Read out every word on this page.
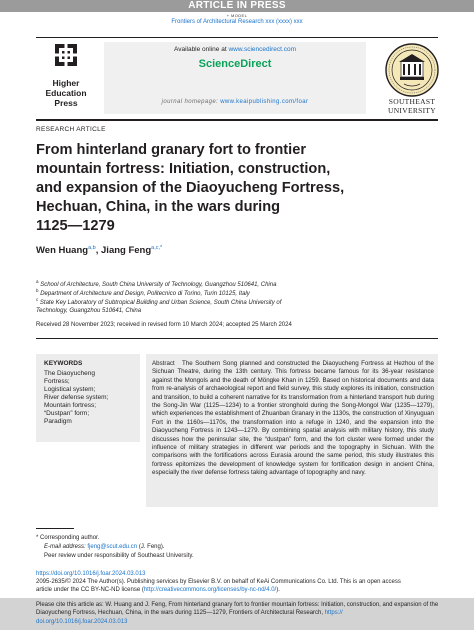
ARTICLE IN PRESS
+ MODEL
Frontiers of Architectural Research xxx (xxxx) xxx
Higher
Education
Press
Available online at www.sciencedirect.com
ScienceDirect
journal homepage: www.keaipublishing.com/foar	SOUTHEAST
UNIVERSITY
RESEARCH ARTICLE
From hinterland granary fort to frontier
mountain fortress: Initiation, construction,
and expansion of the Diaoyucheng Fortress,
Hechuan, China, in the wars during
1125—1279
Wen Huang$^{a,b}$, Jiang Feng$^{a,c,*}$
$^a$ School of Architecture, South China University of Technology, Guangzhou 510641, China
$^b$ Department of Architecture and Design, Politecnico di Torino, Turin 10125, Italy
$^c$ State Key Laboratory of Subtropical Building and Urban Science, South China University of
Technology, Guangzhou 510641, China
Received 28 November 2023; received in revised form 10 March 2024; accepted 25 March 2024
KEYWORDS
The Diaoyucheng
Fortress;
Logistical system;
River defense system;
Mountain fortress;
“Dustpan” form;
Paradigm
Abstract The Southern Song planned and constructed the Diaoyucheng Fortress at Hezhou of the Sichuan Theatre, during the 13th century. This fortress became famous for its 36-year resistance against the Mongols and the death of Möngke Khan in 1259. Based on historical documents and data from re-analysis of archaeological report and field survey, this study explores its initiation, construction and transition, to build a coherent narrative for its transformation from a hinterland transport hub during the Song-Jin War (1125—1234) to a frontier stronghold during the Song-Mongol War (1235—1279), which experiences the establishment of Zhuanban Granary in the 1130s, the construction of Xinyuguan Fort in the 1160s—1170s, the transformation into a refuge in 1240, and the expansion into the Diaoyucheng Fortress in 1243—1279. By combining spatial analysis with military history, this study discusses how the peninsular site, the “dustpan” form, and the fort cluster were formed under the influence of military strategies in different war periods and the topography in Sichuan. With the comparisons with the fortifications across Eurasia around the same period, this study illustrates this fortress epitomizes the development of knowledge system for fortification design in ancient China, especially the river defense fortress taking advantage of topography and navy.
* Corresponding author.
E-mail address: fjeng@scut.edu.cn (J. Feng).
Peer review under responsibility of Southeast University.
https://doi.org/10.1016/j.foar.2024.03.013
2095-2635/© 2024 The Author(s). Publishing services by Elsevier B.V. on behalf of KeAi Communications Co. Ltd. This is an open access
article under the CC BY-NC-ND license (http://creativecommons.org/licenses/by-nc-nd/4.0/).
Please cite this article as: W. Huang and J. Feng, From hinterland granary fort to frontier mountain fortress: Initiation, construction, and expansion of the Diaoyucheng Fortress, Hechuan, China, in the wars during 1125—1279, Frontiers of Architectural Research, https://
doi.org/10.1016/j.foar.2024.03.013
